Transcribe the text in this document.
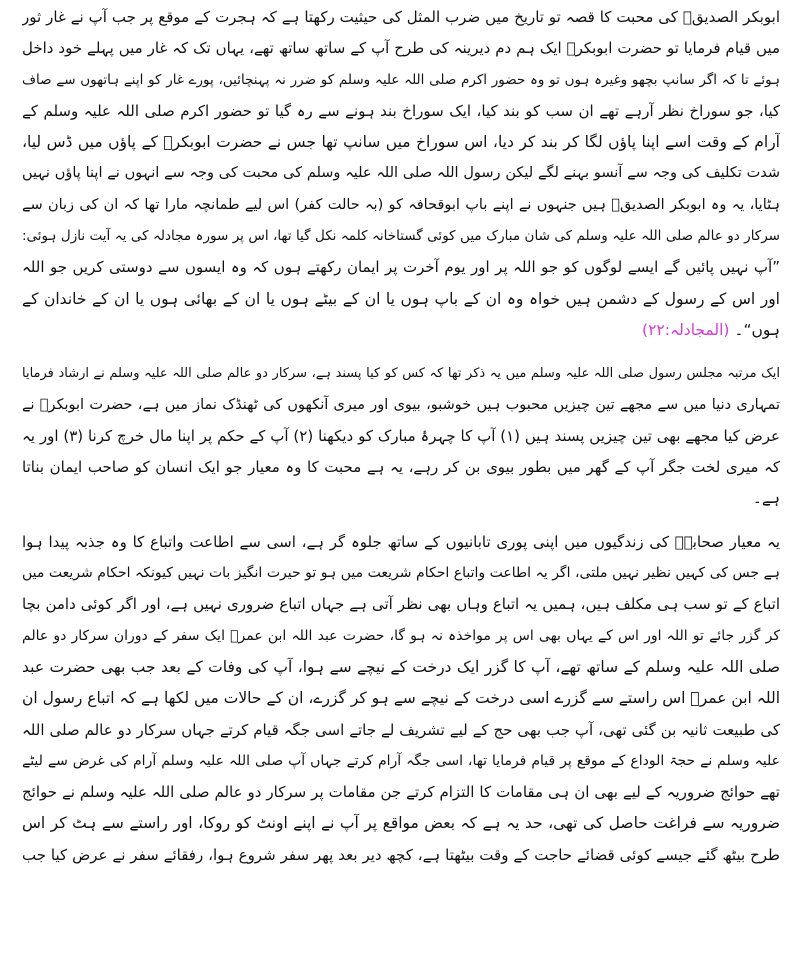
ابوبکر الصدیقؓ کی محبت کا قصہ تو تاریخ میں ضرب المثل کی حیثیت رکھتا ہے کہ ہجرت کے موقع پر جب آپ نے غار ثور
میں قیام فرمایا تو حضرت ابوبکرؓ ایک ہم دم دیرینہ کی طرح آپ کے ساتھ ساتھ تھے، یہاں تک کہ غار میں پہلے خود داخل
ہوئے تا کہ اگر سانپ بچھو وغیرہ ہوں تو وہ حضور اکرم صلی اللہ علیہ وسلم کو ضرر نہ پہنچائیں، پورے غار کو اپنے ہاتھوں سے صاف
کیا، جو سوراخ نظر آرہے تھے ان سب کو بند کیا، ایک سوراخ بند ہونے سے رہ گیا تو حضور اکرم صلی اللہ علیہ وسلم کے
آرام کے وقت اسے اپنا پاؤں لگا کر بند کر دیا، اس سوراخ میں سانپ تھا جس نے حضرت ابوبکرؓ کے پاؤں میں ڈس لیا،
شدت تکلیف کی وجہ سے آنسو بہنے لگے لیکن رسول اللہ صلی اللہ علیہ وسلم کی محبت کی وجہ سے انہوں نے اپنا پاؤں نہیں
ہٹایا، یہ وہ ابوبکر الصدیقؓ ہیں جنہوں نے اپنے باپ ابوقحافہ کو (بہ حالت کفر) اس لیے طمانچہ مارا تھا کہ ان کی زبان سے
سرکار دو عالم صلی اللہ علیہ وسلم کی شان مبارک میں کوئی گستاخانہ کلمہ نکل گیا تھا، اس پر سورہ مجادلہ کی یہ آیت نازل ہوئی:
”آپ نہیں پائیں گے ایسے لوگوں کو جو اللہ پر اور یوم آخرت پر ایمان رکھتے ہوں کہ وہ ایسوں سے دوستی کریں جو اللہ
اور اس کے رسول کے دشمن ہیں خواہ وہ ان کے باپ ہوں یا ان کے بیٹے ہوں یا ان کے بھائی ہوں یا ان کے خاندان کے
ہوں“۔ (المجادلہ:۲۲)
ایک مرتبہ مجلس رسول صلی اللہ علیہ وسلم میں یہ ذکر تھا کہ کس کو کیا پسند ہے، سرکار دو عالم صلی اللہ علیہ وسلم نے ارشاد فرمایا
تمہاری دنیا میں سے مجھے تین چیزیں محبوب ہیں خوشبو، بیوی اور میری آنکھوں کی ٹھنڈک نماز میں ہے، حضرت ابوبکرؓ نے
عرض کیا مجھے بھی تین چیزیں پسند ہیں (۱) آپ کا چہرۂ مبارک کو دیکھنا (۲) آپ کے حکم پر اپنا مال خرچ کرنا (۳) اور یہ
کہ میری لخت جگر آپ کے گھر میں بطور بیوی بن کر رہے، یہ ہے محبت کا وہ معیار جو ایک انسان کو صاحب ایمان بناتا
ہے۔
یہ معیار صحابہؓ کی زندگیوں میں اپنی پوری تابانیوں کے ساتھ جلوہ گر ہے، اسی سے اطاعت واتباع کا وہ جذبہ پیدا ہوا
ہے جس کی کہیں نظیر نہیں ملتی، اگر یہ اطاعت واتباع احکام شریعت میں ہو تو حیرت انگیز بات نہیں کیونکہ احکام شریعت میں
اتباع کے تو سب ہی مکلف ہیں، ہمیں یہ اتباع وہاں بھی نظر آتی ہے جہاں اتباع ضروری نہیں ہے، اور اگر کوئی دامن بچا
کر گزر جائے تو اللہ اور اس کے یہاں بھی اس پر مواخذہ نہ ہو گا، حضرت عبد اللہ ابن عمرؓ ایک سفر کے دوران سرکار دو عالم
صلی اللہ علیہ وسلم کے ساتھ تھے، آپ کا گزر ایک درخت کے نیچے سے ہوا، آپ کی وفات کے بعد جب بھی حضرت عبد
اللہ ابن عمرؓ اس راستے سے گزرے اسی درخت کے نیچے سے ہو کر گزرے، ان کے حالات میں لکھا ہے کہ اتباع رسول ان
کی طبیعت ثانیہ بن گئی تھی، آپ جب بھی حج کے لیے تشریف لے جاتے اسی جگہ قیام کرتے جہاں سرکار دو عالم صلی اللہ
علیہ وسلم نے حجۃ الوداع کے موقع پر قیام فرمایا تھا، اسی جگہ آرام کرتے جہاں آپ صلی اللہ علیہ وسلم آرام کی غرض سے لیٹے
تھے حوائج ضروریہ کے لیے بھی ان ہی مقامات کا التزام کرتے جن مقامات پر سرکار دو عالم صلی اللہ علیہ وسلم نے حوائج
ضروریہ سے فراغت حاصل کی تھی، حد یہ ہے کہ بعض مواقع پر آپ نے اپنے اونٹ کو روکا، اور راستے سے ہٹ کر اس
طرح بیٹھ گئے جیسے کوئی قضائے حاجت کے وقت بیٹھتا ہے، کچھ دیر بعد پھر سفر شروع ہوا، رفقائے سفر نے عرض کیا جب
